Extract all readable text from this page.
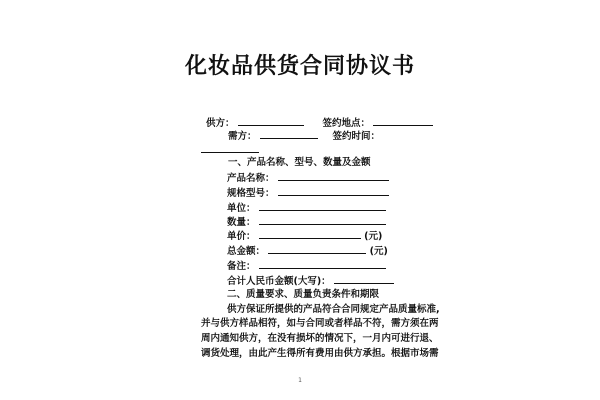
化妆品供货合同协议书
供方：	签约地点：
需方：	签约时间：
一、产品名称、型号、数量及金额
产品名称：
规格型号：
单位：
数量：
单价：	(元)
总金额：	(元)
备注：
合计人民币金额(大写)：
二、质量要求、质量负责条件和期限
供方保证所提供的产品符合合同规定产品质量标准,
并与供方样品相符，如与合同或者样品不符，需方须在两
周内通知供方，在没有损坏的情况下，一月内可进行退、
调货处理，由此产生得所有费用由供方承担。根据市场需
1
